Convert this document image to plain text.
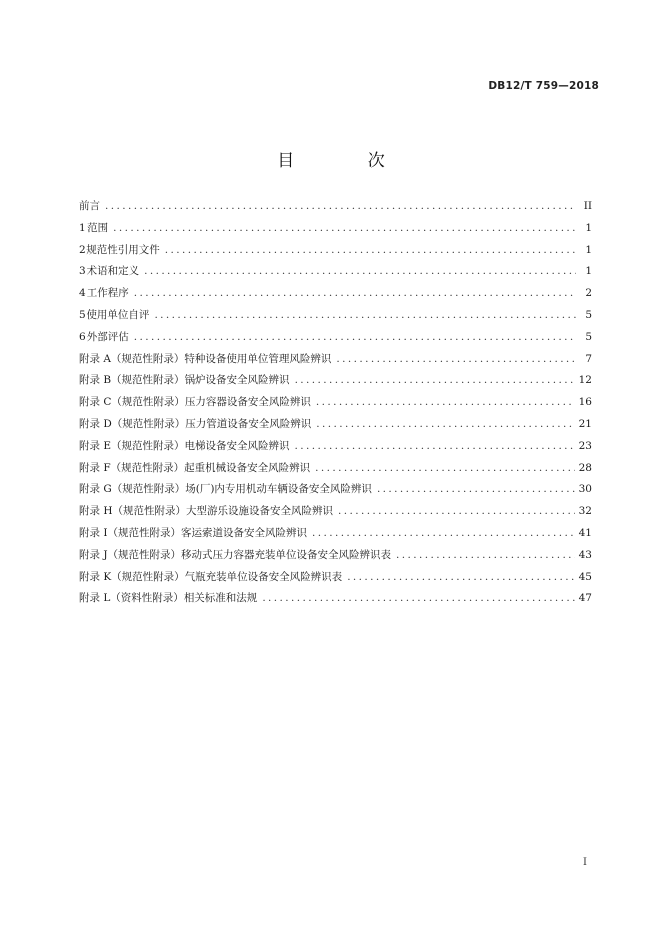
DB12/T 759—2018
目 次
前言 .....	II
1 范围 .....	1
2 规范性引用文件 .....	1
3 术语和定义 .....	1
4 工作程序 .....	2
5 使用单位自评 .....	5
6 外部评估 .....	5
附录 A（规范性附录） 特种设备使用单位管理风险辨识 .....	7
附录 B（规范性附录） 锅炉设备安全风险辨识 .....	12
附录 C（规范性附录） 压力容器设备安全风险辨识 .....	16
附录 D（规范性附录） 压力管道设备安全风险辨识 .....	21
附录 E（规范性附录） 电梯设备安全风险辨识 .....	23
附录 F（规范性附录） 起重机械设备安全风险辨识 .....	28
附录 G（规范性附录） 场(厂)内专用机动车辆设备安全风险辨识 .....	30
附录 H（规范性附录） 大型游乐设施设备安全风险辨识 .....	32
附录 I（规范性附录） 客运索道设备安全风险辨识 .....	41
附录 J（规范性附录） 移动式压力容器充装单位设备安全风险辨识表 .....	43
附录 K（规范性附录） 气瓶充装单位设备安全风险辨识表 .....	45
附录 L（资料性附录） 相关标准和法规 .....	47
I
